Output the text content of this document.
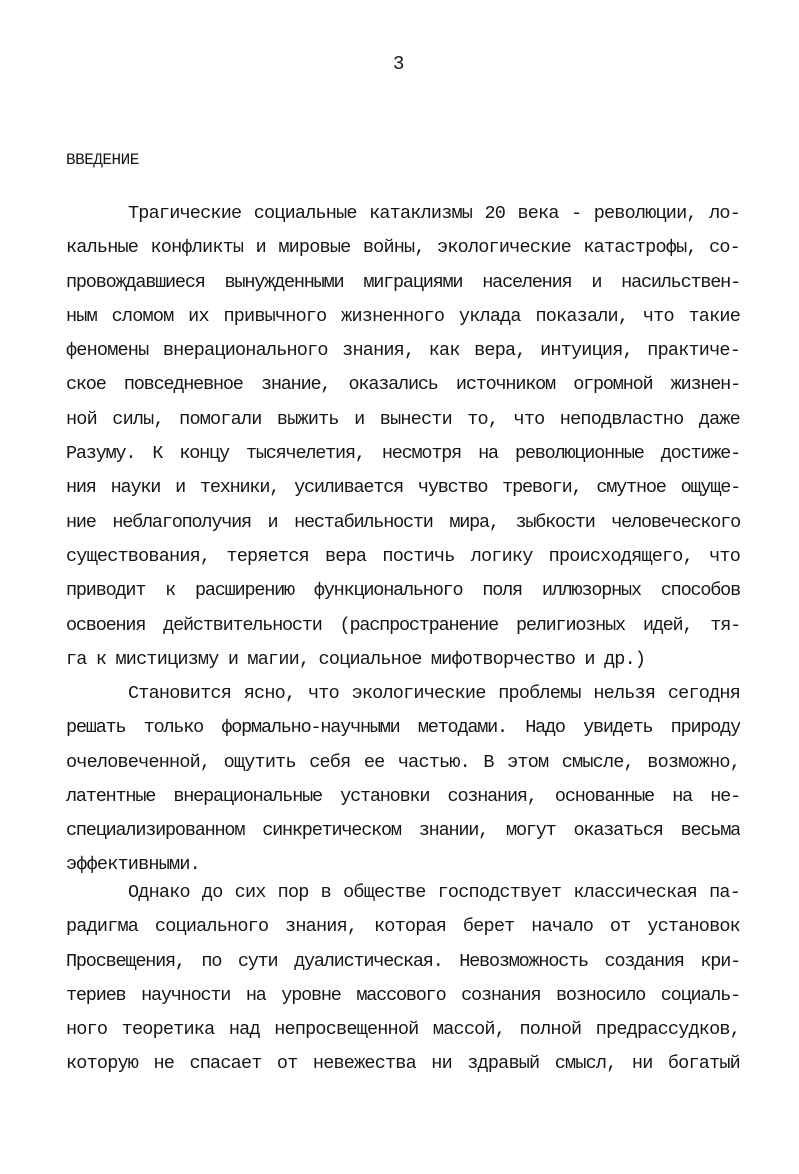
3
ВВЕДЕНИЕ
Трагические социальные катаклизмы 20 века - революции, ло-
кальные конфликты и мировые войны, экологические катастрофы, со-
провождавшиеся вынужденными миграциями населения и насильствен-
ным сломом их привычного жизненного уклада показали, что такие
феномены внерационального знания, как вера, интуиция, практиче-
ское повседневное знание, оказались источником огромной жизнен-
ной силы, помогали выжить и вынести то, что неподвластно даже
Разуму. К концу тысячелетия, несмотря на революционные достиже-
ния науки и техники, усиливается чувство тревоги, смутное ощуще-
ние неблагополучия и нестабильности мира, зыбкости человеческого
существования, теряется вера постичь логику происходящего, что
приводит к расширению функционального поля иллюзорных способов
освоения действительности (распространение религиозных идей, тя-
га к мистицизму и магии, социальное мифотворчество и др.)
Становится ясно, что экологические проблемы нельзя сегодня
решать только формально-научными методами. Надо увидеть природу
очеловеченной, ощутить себя ее частью. В этом смысле, возможно,
латентные внерациональные установки сознания, основанные на не-
специализированном синкретическом знании, могут оказаться весьма
эффективными.
Однако до сих пор в обществе господствует классическая па-
радигма социального знания, которая берет начало от установок
Просвещения, по сути дуалистическая. Невозможность создания кри-
териев научности на уровне массового сознания возносило социаль-
ного теоретика над непросвещенной массой, полной предрассудков,
которую не спасает от невежества ни здравый смысл, ни богатый
